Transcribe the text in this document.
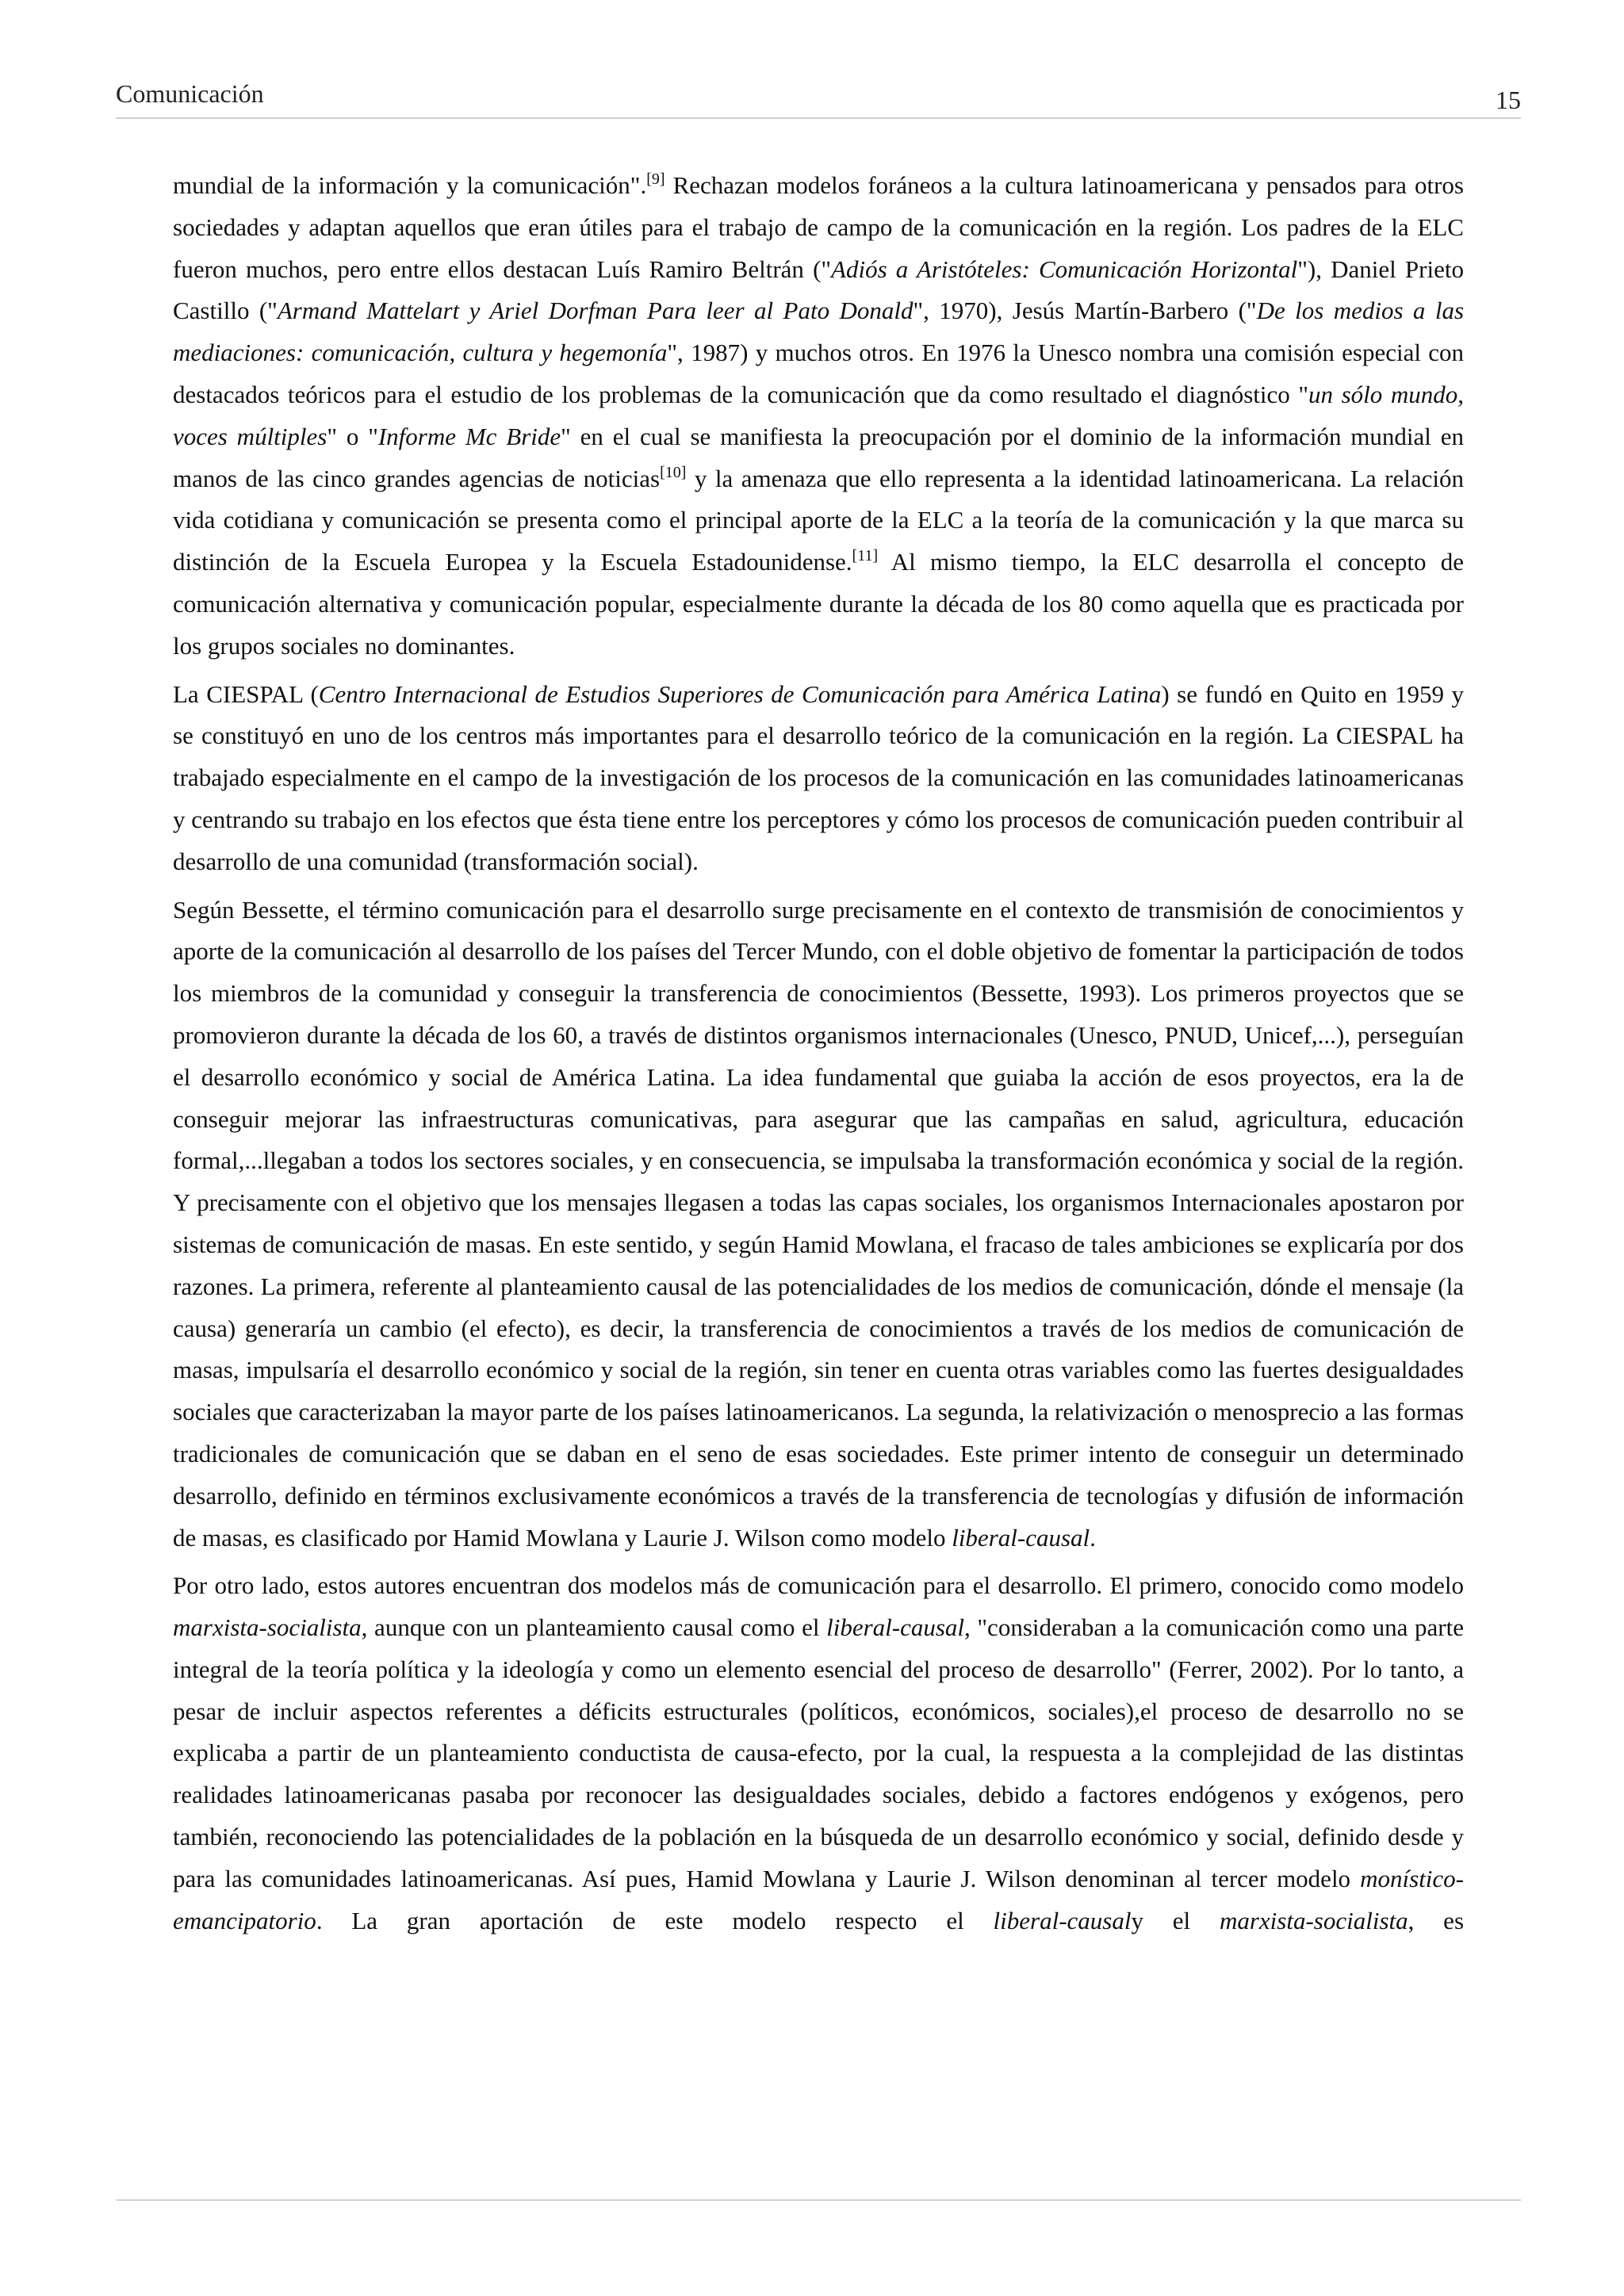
Comunicación	15

mundial de la información y la comunicación".[9] Rechazan modelos foráneos a la cultura latinoamericana y pensados para otros sociedades y adaptan aquellos que eran útiles para el trabajo de campo de la comunicación en la región. Los padres de la ELC fueron muchos, pero entre ellos destacan Luís Ramiro Beltrán ("Adiós a Aristóteles: Comunicación Horizontal"), Daniel Prieto Castillo ("Armand Mattelart y Ariel Dorfman Para leer al Pato Donald", 1970), Jesús Martín-Barbero ("De los medios a las mediaciones: comunicación, cultura y hegemonía", 1987) y muchos otros. En 1976 la Unesco nombra una comisión especial con destacados teóricos para el estudio de los problemas de la comunicación que da como resultado el diagnóstico "un sólo mundo, voces múltiples" o "Informe Mc Bride" en el cual se manifiesta la preocupación por el dominio de la información mundial en manos de las cinco grandes agencias de noticias[10] y la amenaza que ello representa a la identidad latinoamericana. La relación vida cotidiana y comunicación se presenta como el principal aporte de la ELC a la teoría de la comunicación y la que marca su distinción de la Escuela Europea y la Escuela Estadounidense.[11] Al mismo tiempo, la ELC desarrolla el concepto de comunicación alternativa y comunicación popular, especialmente durante la década de los 80 como aquella que es practicada por los grupos sociales no dominantes.

La CIESPAL (Centro Internacional de Estudios Superiores de Comunicación para América Latina) se fundó en Quito en 1959 y se constituyó en uno de los centros más importantes para el desarrollo teórico de la comunicación en la región. La CIESPAL ha trabajado especialmente en el campo de la investigación de los procesos de la comunicación en las comunidades latinoamericanas y centrando su trabajo en los efectos que ésta tiene entre los perceptores y cómo los procesos de comunicación pueden contribuir al desarrollo de una comunidad (transformación social).

Según Bessette, el término comunicación para el desarrollo surge precisamente en el contexto de transmisión de conocimientos y aporte de la comunicación al desarrollo de los países del Tercer Mundo, con el doble objetivo de fomentar la participación de todos los miembros de la comunidad y conseguir la transferencia de conocimientos (Bessette, 1993). Los primeros proyectos que se promovieron durante la década de los 60, a través de distintos organismos internacionales (Unesco, PNUD, Unicef,...), perseguían el desarrollo económico y social de América Latina. La idea fundamental que guiaba la acción de esos proyectos, era la de conseguir mejorar las infraestructuras comunicativas, para asegurar que las campañas en salud, agricultura, educación formal,...llegaban a todos los sectores sociales, y en consecuencia, se impulsaba la transformación económica y social de la región. Y precisamente con el objetivo que los mensajes llegasen a todas las capas sociales, los organismos Internacionales apostaron por sistemas de comunicación de masas. En este sentido, y según Hamid Mowlana, el fracaso de tales ambiciones se explicaría por dos razones. La primera, referente al planteamiento causal de las potencialidades de los medios de comunicación, dónde el mensaje (la causa) generaría un cambio (el efecto), es decir, la transferencia de conocimientos a través de los medios de comunicación de masas, impulsaría el desarrollo económico y social de la región, sin tener en cuenta otras variables como las fuertes desigualdades sociales que caracterizaban la mayor parte de los países latinoamericanos. La segunda, la relativización o menosprecio a las formas tradicionales de comunicación que se daban en el seno de esas sociedades. Este primer intento de conseguir un determinado desarrollo, definido en términos exclusivamente económicos a través de la transferencia de tecnologías y difusión de información de masas, es clasificado por Hamid Mowlana y Laurie J. Wilson como modelo liberal-causal.

Por otro lado, estos autores encuentran dos modelos más de comunicación para el desarrollo. El primero, conocido como modelo marxista-socialista, aunque con un planteamiento causal como el liberal-causal, "consideraban a la comunicación como una parte integral de la teoría política y la ideología y como un elemento esencial del proceso de desarrollo" (Ferrer, 2002). Por lo tanto, a pesar de incluir aspectos referentes a déficits estructurales (políticos, económicos, sociales),el proceso de desarrollo no se explicaba a partir de un planteamiento conductista de causa-efecto, por la cual, la respuesta a la complejidad de las distintas realidades latinoamericanas pasaba por reconocer las desigualdades sociales, debido a factores endógenos y exógenos, pero también, reconociendo las potencialidades de la población en la búsqueda de un desarrollo económico y social, definido desde y para las comunidades latinoamericanas. Así pues, Hamid Mowlana y Laurie J. Wilson denominan al tercer modelo monístico-emancipatorio. La gran aportación de este modelo respecto el liberal-causaly el marxista-socialista, es
